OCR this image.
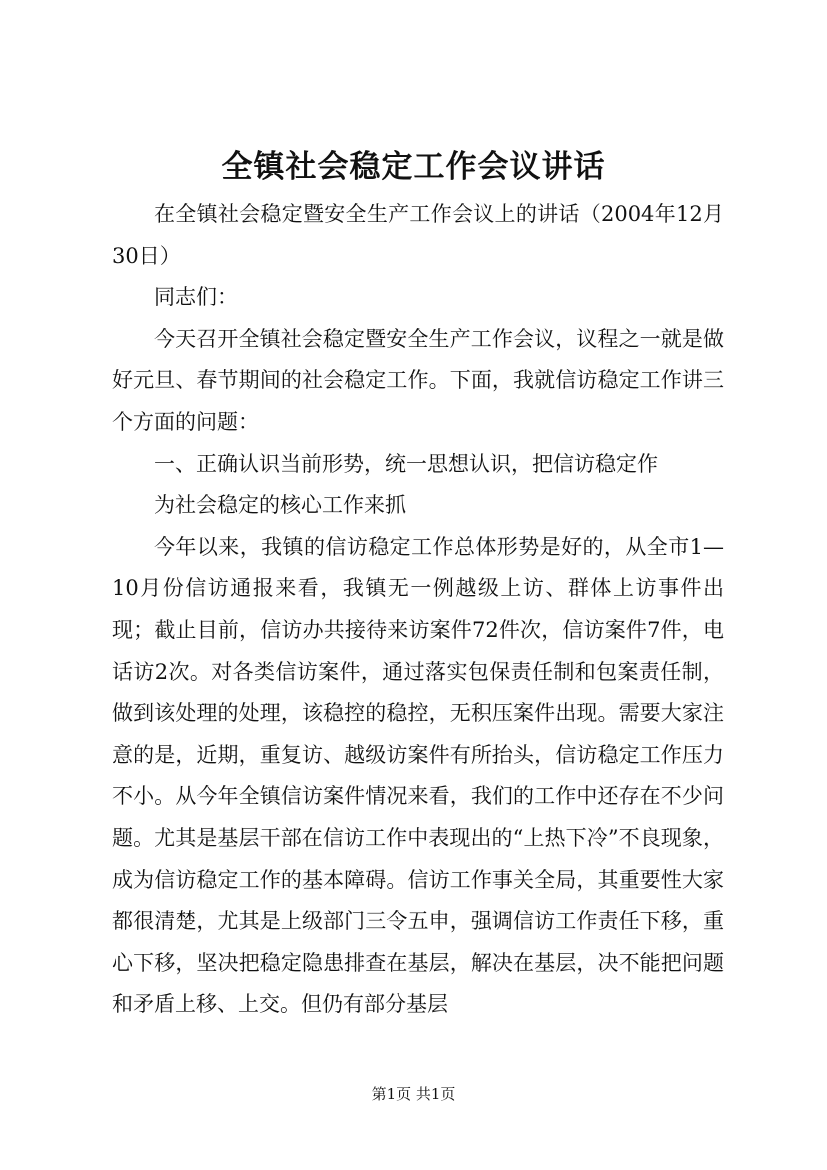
全镇社会稳定工作会议讲话

在全镇社会稳定暨安全生产工作会议上的讲话（2004年12月30日）

同志们：

今天召开全镇社会稳定暨安全生产工作会议，议程之一就是做好元旦、春节期间的社会稳定工作。下面，我就信访稳定工作讲三个方面的问题：

一、正确认识当前形势，统一思想认识，把信访稳定作

为社会稳定的核心工作来抓

今年以来，我镇的信访稳定工作总体形势是好的，从全市1—10月份信访通报来看，我镇无一例越级上访、群体上访事件出现；截止目前，信访办共接待来访案件72件次，信访案件7件，电话访2次。对各类信访案件，通过落实包保责任制和包案责任制，做到该处理的处理，该稳控的稳控，无积压案件出现。需要大家注意的是，近期，重复访、越级访案件有所抬头，信访稳定工作压力不小。从今年全镇信访案件情况来看，我们的工作中还存在不少问题。尤其是基层干部在信访工作中表现出的“上热下冷”不良现象，成为信访稳定工作的基本障碍。信访工作事关全局，其重要性大家都很清楚，尤其是上级部门三令五申，强调信访工作责任下移，重心下移，坚决把稳定隐患排查在基层，解决在基层，决不能把问题和矛盾上移、上交。但仍有部分基层

第1页 共1页
